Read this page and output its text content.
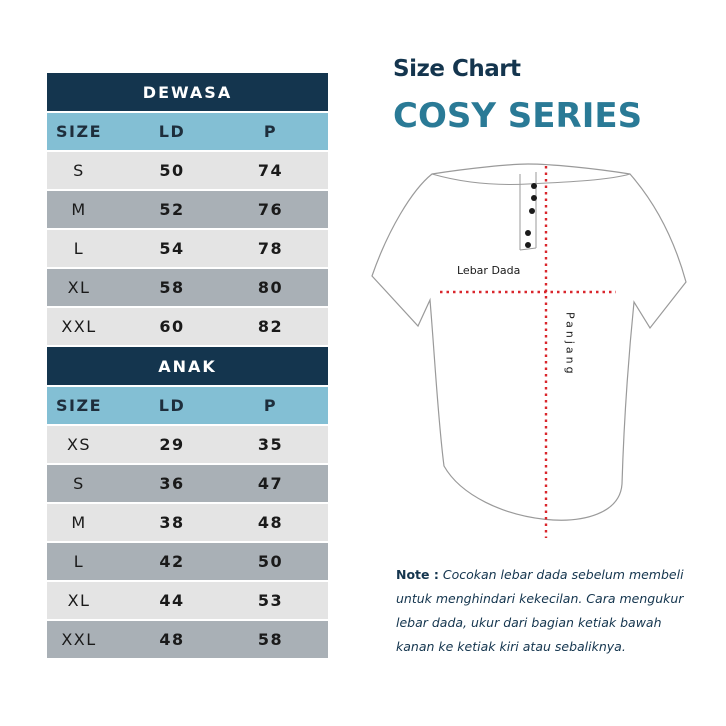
DEWASA
SIZE	LD	P
S	50	74
M	52	76
L	54	78
XL	58	80
XXL	60	82
ANAK
SIZE	LD	P
XS	29	35
S	36	47
M	38	48
L	42	50
XL	44	53
XXL	48	58
Size Chart
COSY SERIES
Lebar Dada
Panjang
Note : Cocokan lebar dada sebelum membeli untuk menghindari kekecilan. Cara mengukur lebar dada, ukur dari bagian ketiak bawah kanan ke ketiak kiri atau sebaliknya.
